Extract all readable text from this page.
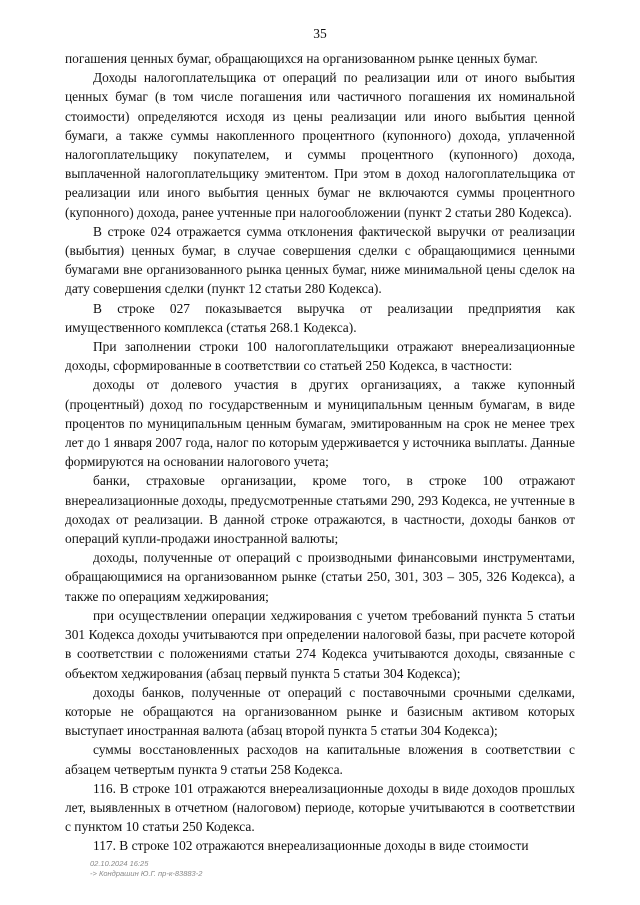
35

погашения ценных бумаг, обращающихся на организованном рынке ценных бумаг.

Доходы налогоплательщика от операций по реализации или от иного выбытия ценных бумаг (в том числе погашения или частичного погашения их номинальной стоимости) определяются исходя из цены реализации или иного выбытия ценной бумаги, а также суммы накопленного процентного (купонного) дохода, уплаченной налогоплательщику покупателем, и суммы процентного (купонного) дохода, выплаченной налогоплательщику эмитентом. При этом в доход налогоплательщика от реализации или иного выбытия ценных бумаг не включаются суммы процентного (купонного) дохода, ранее учтенные при налогообложении (пункт 2 статьи 280 Кодекса).

В строке 024 отражается сумма отклонения фактической выручки от реализации (выбытия) ценных бумаг, в случае совершения сделки с обращающимися ценными бумагами вне организованного рынка ценных бумаг, ниже минимальной цены сделок на дату совершения сделки (пункт 12 статьи 280 Кодекса).

В строке 027 показывается выручка от реализации предприятия как имущественного комплекса (статья 268.1 Кодекса).

При заполнении строки 100 налогоплательщики отражают внереализационные доходы, сформированные в соответствии со статьей 250 Кодекса, в частности:

доходы от долевого участия в других организациях, а также купонный (процентный) доход по государственным и муниципальным ценным бумагам, в виде процентов по муниципальным ценным бумагам, эмитированным на срок не менее трех лет до 1 января 2007 года, налог по которым удерживается у источника выплаты. Данные формируются на основании налогового учета;

банки, страховые организации, кроме того, в строке 100 отражают внереализационные доходы, предусмотренные статьями 290, 293 Кодекса, не учтенные в доходах от реализации. В данной строке отражаются, в частности, доходы банков от операций купли-продажи иностранной валюты;

доходы, полученные от операций с производными финансовыми инструментами, обращающимися на организованном рынке (статьи 250, 301, 303 – 305, 326 Кодекса), а также по операциям хеджирования;

при осуществлении операции хеджирования с учетом требований пункта 5 статьи 301 Кодекса доходы учитываются при определении налоговой базы, при расчете которой в соответствии с положениями статьи 274 Кодекса учитываются доходы, связанные с объектом хеджирования (абзац первый пункта 5 статьи 304 Кодекса);

доходы банков, полученные от операций с поставочными срочными сделками, которые не обращаются на организованном рынке и базисным активом которых выступает иностранная валюта (абзац второй пункта 5 статьи 304 Кодекса);

суммы восстановленных расходов на капитальные вложения в соответствии с абзацем четвертым пункта 9 статьи 258 Кодекса.

116. В строке 101 отражаются внереализационные доходы в виде доходов прошлых лет, выявленных в отчетном (налоговом) периоде, которые учитываются в соответствии с пунктом 10 статьи 250 Кодекса.

117. В строке 102 отражаются внереализационные доходы в виде стоимости

02.10.2024 16:25
-> Кондрашин Ю.Г. пр-к-83883-2
